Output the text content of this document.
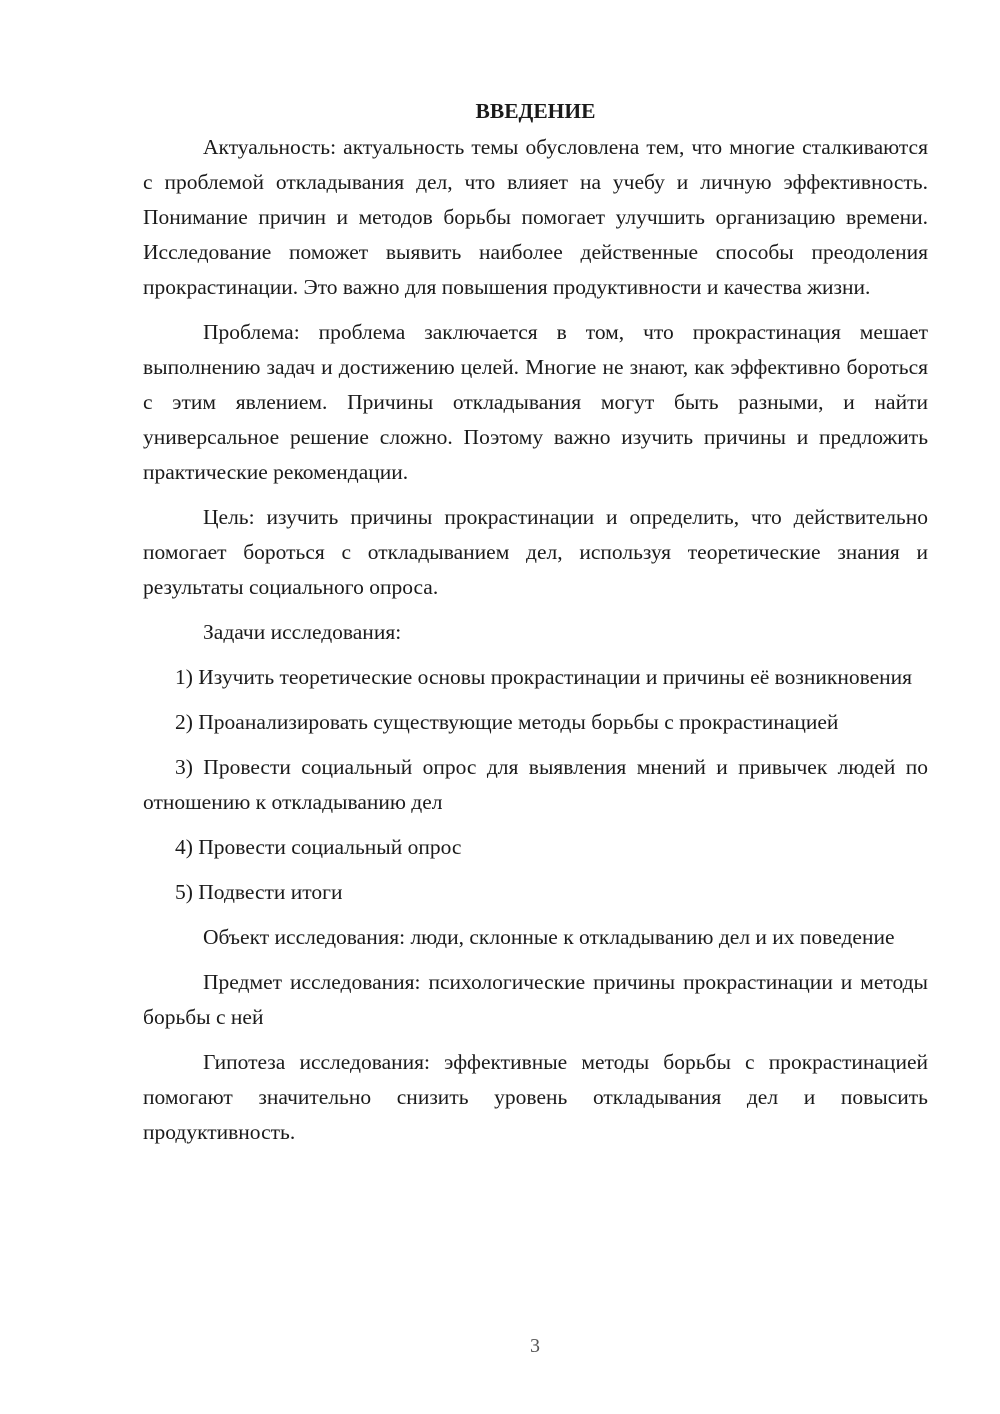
ВВЕДЕНИЕ

Актуальность: актуальность темы обусловлена тем, что многие сталкиваются с проблемой откладывания дел, что влияет на учебу и личную эффективность. Понимание причин и методов борьбы помогает улучшить организацию времени. Исследование поможет выявить наиболее действенные способы преодоления прокрастинации. Это важно для повышения продуктивности и качества жизни.

Проблема: проблема заключается в том, что прокрастинация мешает выполнению задач и достижению целей. Многие не знают, как эффективно бороться с этим явлением. Причины откладывания могут быть разными, и найти универсальное решение сложно. Поэтому важно изучить причины и предложить практические рекомендации.

Цель: изучить причины прокрастинации и определить, что действительно помогает бороться с откладыванием дел, используя теоретические знания и результаты социального опроса.

Задачи исследования:

1) Изучить теоретические основы прокрастинации и причины её возникновения

2) Проанализировать существующие методы борьбы с прокрастинацией

3) Провести социальный опрос для выявления мнений и привычек людей по отношению к откладыванию дел

4) Провести социальный опрос

5) Подвести итоги

Объект исследования: люди, склонные к откладыванию дел и их поведение

Предмет исследования: психологические причины прокрастинации и методы борьбы с ней

Гипотеза исследования: эффективные методы борьбы с прокрастинацией помогают значительно снизить уровень откладывания дел и повысить продуктивность.

3
